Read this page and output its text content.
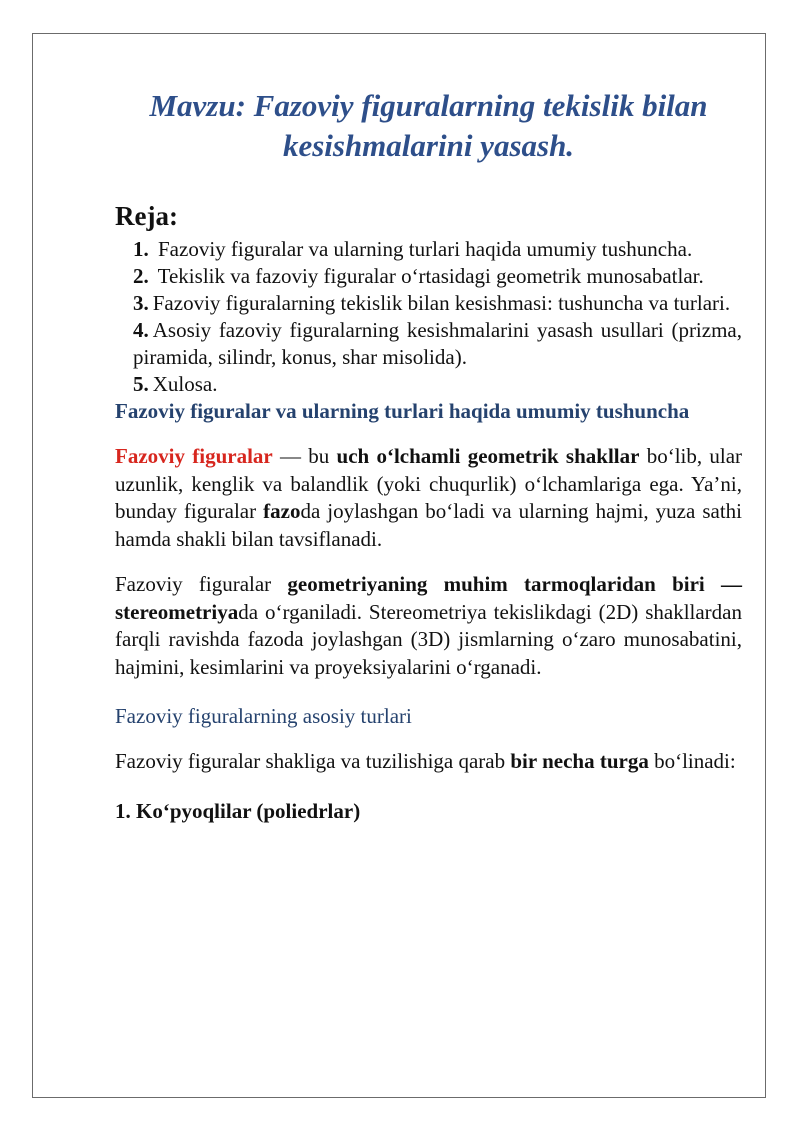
Mavzu: Fazoviy figuralarning tekislik bilan kesishmalarini yasash.
Reja:
1. Fazoviy figuralar va ularning turlari haqida umumiy tushuncha.
2. Tekislik va fazoviy figuralar o‘rtasidagi geometrik munosabatlar.
3. Fazoviy figuralarning tekislik bilan kesishmasi: tushuncha va turlari.
4. Asosiy fazoviy figuralarning kesishmalarini yasash usullari (prizma, piramida, silindr, konus, shar misolida).
5. Xulosa.
Fazoviy figuralar va ularning turlari haqida umumiy tushuncha

Fazoviy figuralar — bu uch o‘lchamli geometrik shakllar bo‘lib, ular uzunlik, kenglik va balandlik (yoki chuqurlik) o‘lchamlariga ega. Ya’ni, bunday figuralar fazoda joylashgan bo‘ladi va ularning hajmi, yuza sathi hamda shakli bilan tavsiflanadi.

Fazoviy figuralar geometriyaning muhim tarmoqlaridan biri — stereometriyada o‘rganiladi. Stereometriya tekislikdagi (2D) shakllardan farqli ravishda fazoda joylashgan (3D) jismlarning o‘zaro munosabatini, hajmini, kesimlarini va proyeksiyalarini o‘rganadi.

Fazoviy figuralarning asosiy turlari

Fazoviy figuralar shakliga va tuzilishiga qarab bir necha turga bo‘linadi:

1. Ko‘pyoqlilar (poliedrlar)
